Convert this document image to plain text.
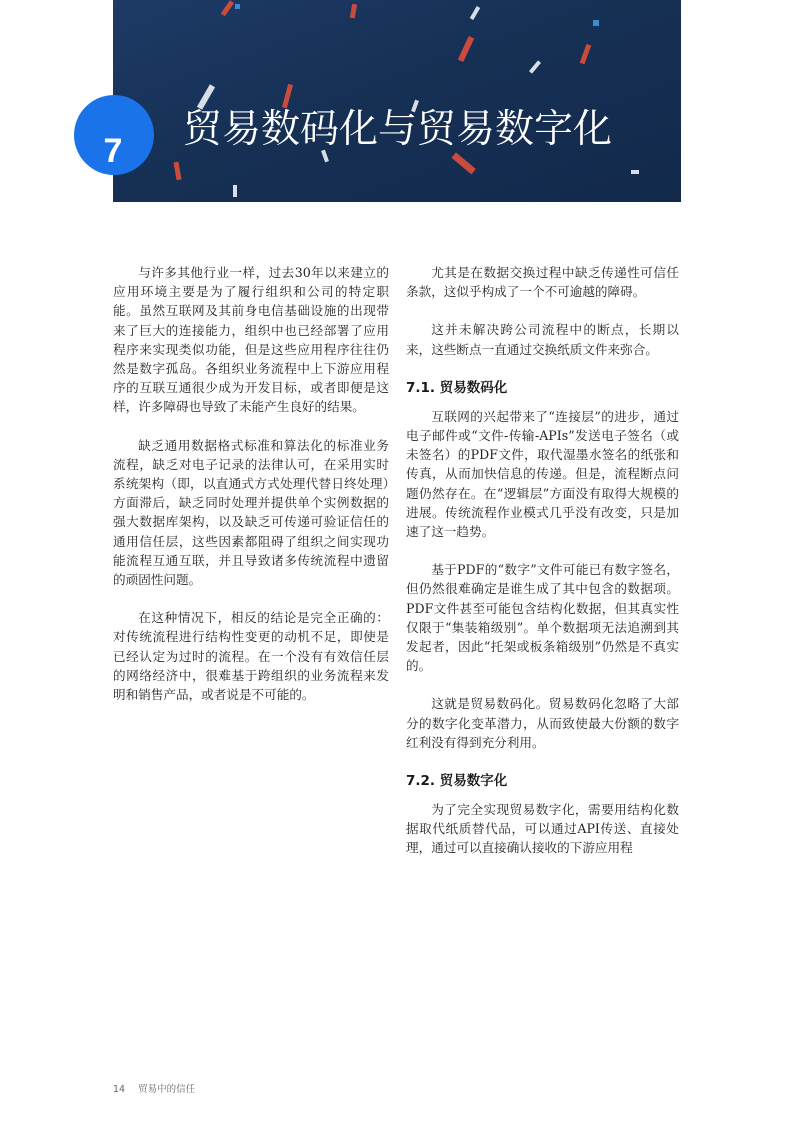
7 贸易数码化与贸易数字化

与许多其他行业一样，过去30年以来建立的应用环境主要是为了履行组织和公司的特定职能。虽然互联网及其前身电信基础设施的出现带来了巨大的连接能力，组织中也已经部署了应用程序来实现类似功能，但是这些应用程序往往仍然是数字孤岛。各组织业务流程中上下游应用程序的互联互通很少成为开发目标，或者即便是这样，许多障碍也导致了未能产生良好的结果。

缺乏通用数据格式标准和算法化的标准业务流程，缺乏对电子记录的法律认可，在采用实时系统架构（即，以直通式方式处理代替日终处理）方面滞后，缺乏同时处理并提供单个实例数据的强大数据库架构，以及缺乏可传递可验证信任的通用信任层，这些因素都阻碍了组织之间实现功能流程互通互联，并且导致诸多传统流程中遗留的顽固性问题。

在这种情况下，相反的结论是完全正确的：对传统流程进行结构性变更的动机不足，即使是已经认定为过时的流程。在一个没有有效信任层的网络经济中，很难基于跨组织的业务流程来发明和销售产品，或者说是不可能的。

尤其是在数据交换过程中缺乏传递性可信任条款，这似乎构成了一个不可逾越的障碍。

这并未解决跨公司流程中的断点，长期以来，这些断点一直通过交换纸质文件来弥合。

7.1. 贸易数码化

互联网的兴起带来了“连接层”的进步，通过电子邮件或“文件-传输-APIs”发送电子签名（或未签名）的PDF文件，取代湿墨水签名的纸张和传真，从而加快信息的传递。但是，流程断点问题仍然存在。在“逻辑层”方面没有取得大规模的进展。传统流程作业模式几乎没有改变，只是加速了这一趋势。

基于PDF的“数字”文件可能已有数字签名，但仍然很难确定是谁生成了其中包含的数据项。PDF文件甚至可能包含结构化数据，但其真实性仅限于“集装箱级别”。单个数据项无法追溯到其发起者，因此“托架或板条箱级别”仍然是不真实的。

这就是贸易数码化。贸易数码化忽略了大部分的数字化变革潜力，从而致使最大份额的数字红利没有得到充分利用。

7.2. 贸易数字化

为了完全实现贸易数字化，需要用结构化数据取代纸质替代品，可以通过API传送、直接处理，通过可以直接确认接收的下游应用程

14 贸易中的信任
